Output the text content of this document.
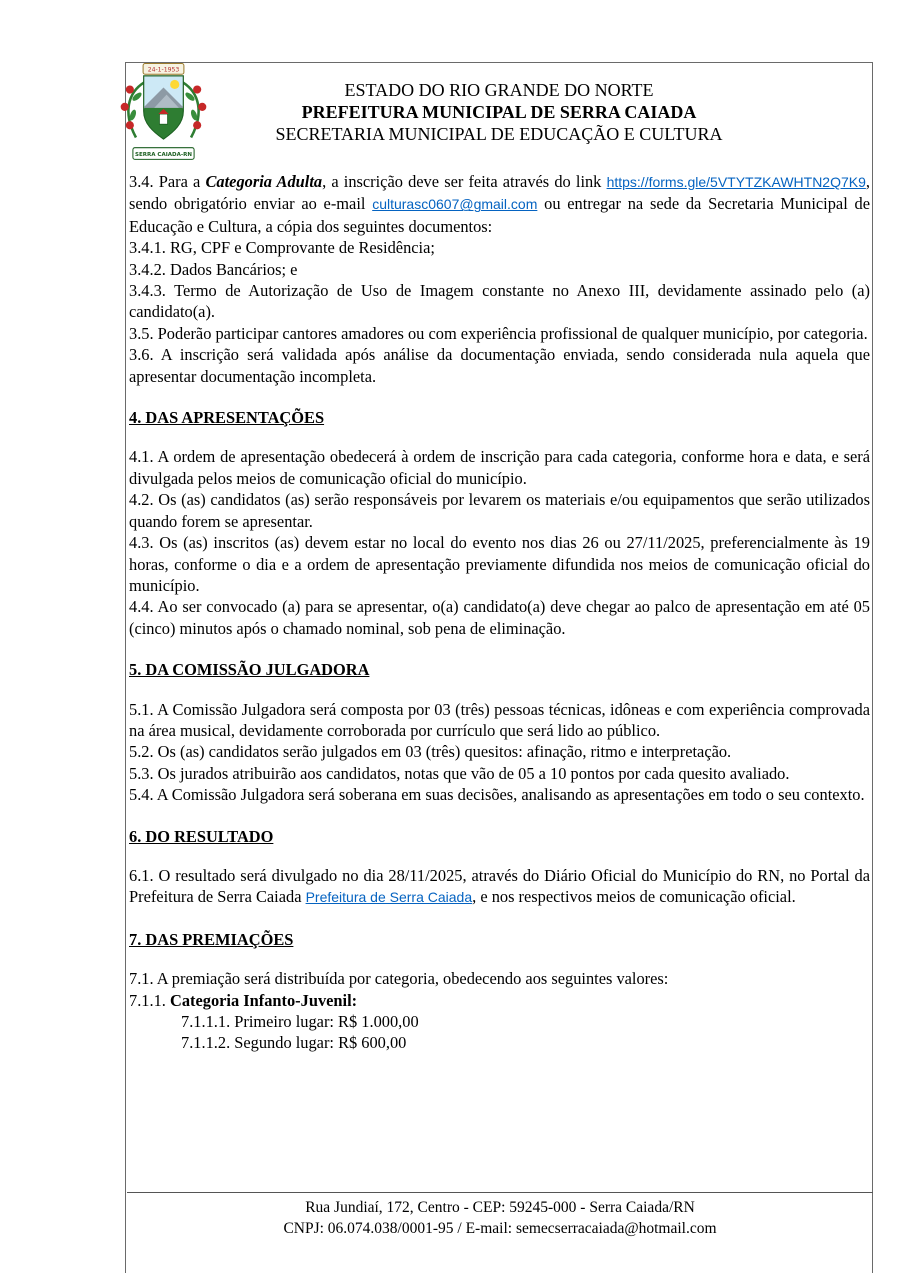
24-1-1953
SERRA CAIADA-RN
ESTADO DO RIO GRANDE DO NORTE
PREFEITURA MUNICIPAL DE SERRA CAIADA
SECRETARIA MUNICIPAL DE EDUCAÇÃO E CULTURA

3.4. Para a Categoria Adulta, a inscrição deve ser feita através do link https://forms.gle/5VTYTZKAWHTN2Q7K9, sendo obrigatório enviar ao e-mail culturasc0607@gmail.com ou entregar na sede da Secretaria Municipal de Educação e Cultura, a cópia dos seguintes documentos:

3.4.1. RG, CPF e Comprovante de Residência;

3.4.2. Dados Bancários; e

3.4.3. Termo de Autorização de Uso de Imagem constante no Anexo III, devidamente assinado pelo (a) candidato(a).

3.5. Poderão participar cantores amadores ou com experiência profissional de qualquer município, por categoria.

3.6. A inscrição será validada após análise da documentação enviada, sendo considerada nula aquela que apresentar documentação incompleta.

4. DAS APRESENTAÇÕES

4.1. A ordem de apresentação obedecerá à ordem de inscrição para cada categoria, conforme hora e data, e será divulgada pelos meios de comunicação oficial do município.

4.2. Os (as) candidatos (as) serão responsáveis por levarem os materiais e/ou equipamentos que serão utilizados quando forem se apresentar.

4.3. Os (as) inscritos (as) devem estar no local do evento nos dias 26 ou 27/11/2025, preferencialmente às 19 horas, conforme o dia e a ordem de apresentação previamente difundida nos meios de comunicação oficial do município.

4.4. Ao ser convocado (a) para se apresentar, o(a) candidato(a) deve chegar ao palco de apresentação em até 05 (cinco) minutos após o chamado nominal, sob pena de eliminação.

5. DA COMISSÃO JULGADORA

5.1. A Comissão Julgadora será composta por 03 (três) pessoas técnicas, idôneas e com experiência comprovada na área musical, devidamente corroborada por currículo que será lido ao público.

5.2. Os (as) candidatos serão julgados em 03 (três) quesitos: afinação, ritmo e interpretação.

5.3. Os jurados atribuirão aos candidatos, notas que vão de 05 a 10 pontos por cada quesito avaliado.

5.4. A Comissão Julgadora será soberana em suas decisões, analisando as apresentações em todo o seu contexto.

6. DO RESULTADO

6.1. O resultado será divulgado no dia 28/11/2025, através do Diário Oficial do Município do RN, no Portal da Prefeitura de Serra Caiada Prefeitura de Serra Caiada, e nos respectivos meios de comunicação oficial.

7. DAS PREMIAÇÕES

7.1. A premiação será distribuída por categoria, obedecendo aos seguintes valores:

7.1.1. Categoria Infanto-Juvenil:

7.1.1.1. Primeiro lugar: R$ 1.000,00

7.1.1.2. Segundo lugar: R$ 600,00

Rua Jundiaí, 172, Centro - CEP: 59245-000 - Serra Caiada/RN
CNPJ: 06.074.038/0001-95 / E-mail: semecserracaiada@hotmail.com
